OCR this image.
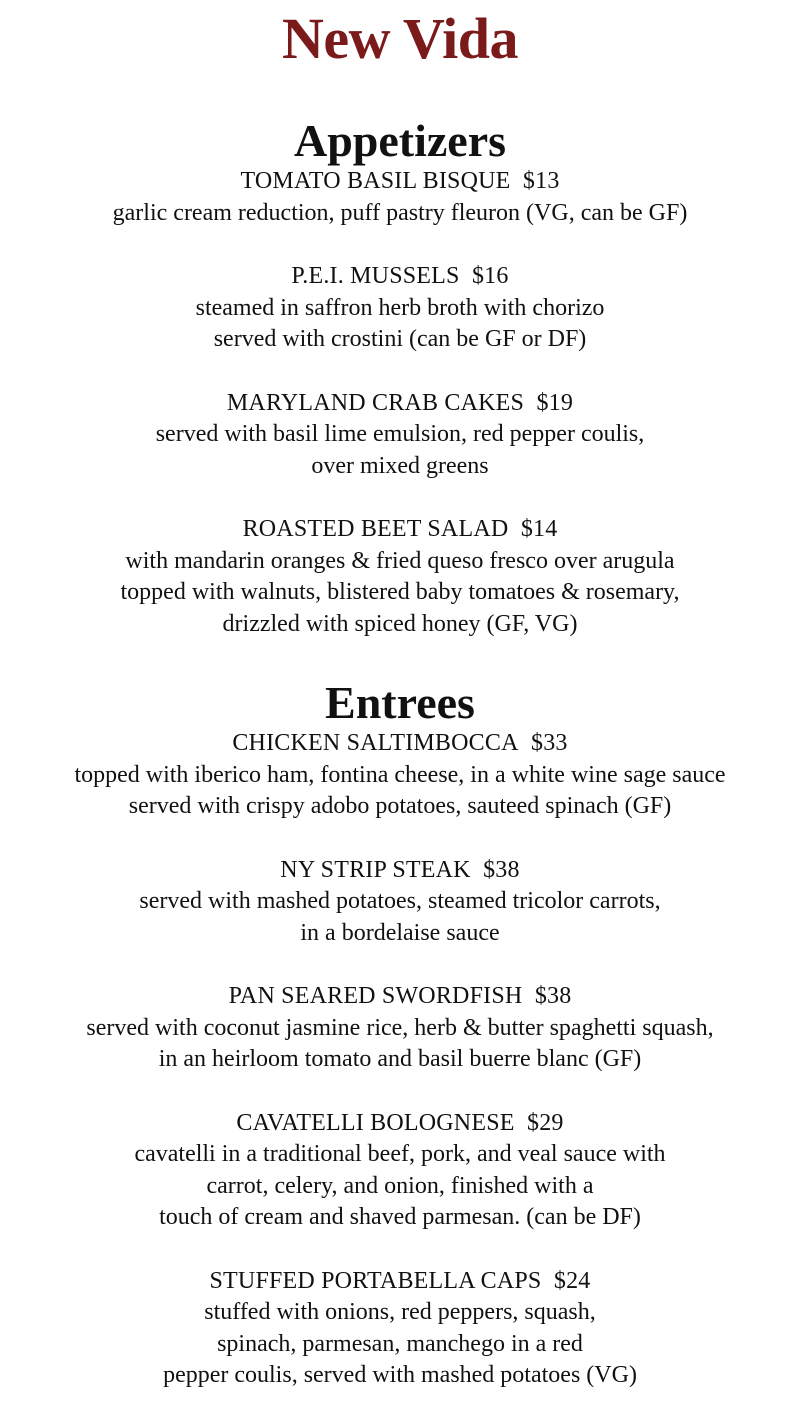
New Vida
Appetizers

TOMATO BASIL BISQUE $13

garlic cream reduction, puff pastry fleuron (VG, can be GF)

P.E.I. MUSSELS $16

steamed in saffron herb broth with chorizo

served with crostini (can be GF or DF)

MARYLAND CRAB CAKES $19

served with basil lime emulsion, red pepper coulis,

over mixed greens

ROASTED BEET SALAD $14

with mandarin oranges & fried queso fresco over arugula

topped with walnuts, blistered baby tomatoes & rosemary,

drizzled with spiced honey (GF, VG)

Entrees

CHICKEN SALTIMBOCCA $33

topped with iberico ham, fontina cheese, in a white wine sage sauce

served with crispy adobo potatoes, sauteed spinach (GF)

NY STRIP STEAK $38

served with mashed potatoes, steamed tricolor carrots,

in a bordelaise sauce

PAN SEARED SWORDFISH $38

served with coconut jasmine rice, herb & butter spaghetti squash,

in an heirloom tomato and basil buerre blanc (GF)

CAVATELLI BOLOGNESE $29

cavatelli in a traditional beef, pork, and veal sauce with

carrot, celery, and onion, finished with a

touch of cream and shaved parmesan. (can be DF)

STUFFED PORTABELLA CAPS $24

stuffed with onions, red peppers, squash,

spinach, parmesan, manchego in a red

pepper coulis, served with mashed potatoes (VG)
